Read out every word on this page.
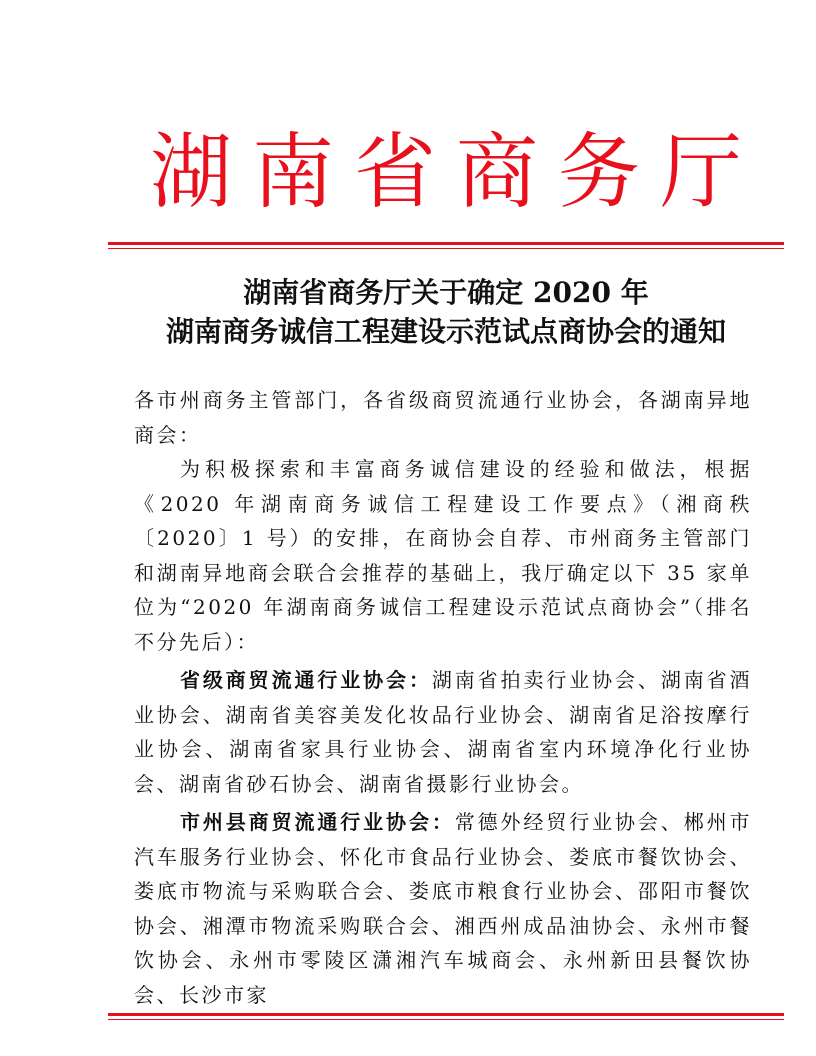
湖南省商务厅
湖南省商务厅关于确定 2020 年
湖南商务诚信工程建设示范试点商协会的通知

各市州商务主管部门，各省级商贸流通行业协会，各湖南异地商会：

为积极探索和丰富商务诚信建设的经验和做法，根据《2020 年湖南商务诚信工程建设工作要点》（湘商秩〔2020〕1 号）的安排，在商协会自荐、市州商务主管部门和湖南异地商会联合会推荐的基础上，我厅确定以下 35 家单位为“2020 年湖南商务诚信工程建设示范试点商协会”（排名不分先后）：

省级商贸流通行业协会：湖南省拍卖行业协会、湖南省酒业协会、湖南省美容美发化妆品行业协会、湖南省足浴按摩行业协会、湖南省家具行业协会、湖南省室内环境净化行业协会、湖南省砂石协会、湖南省摄影行业协会。

市州县商贸流通行业协会：常德外经贸行业协会、郴州市汽车服务行业协会、怀化市食品行业协会、娄底市餐饮协会、娄底市物流与采购联合会、娄底市粮食行业协会、邵阳市餐饮协会、湘潭市物流采购联合会、湘西州成品油协会、永州市餐饮协会、永州市零陵区潇湘汽车城商会、永州新田县餐饮协会、长沙市家
